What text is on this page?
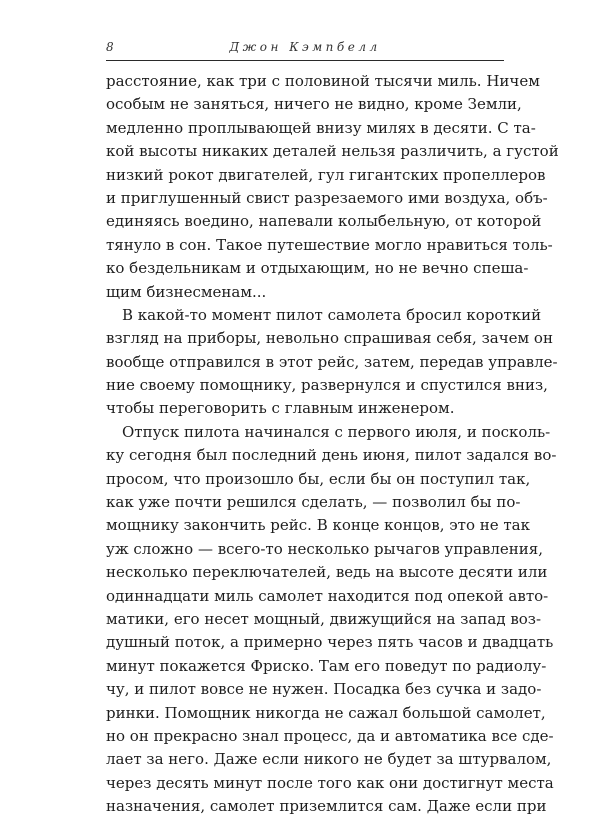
8	Джон Кэмпбелл
расстояние, как три с половиной тысячи миль. Ничем
особым не заняться, ничего не видно, кроме Земли,
медленно проплывающей внизу милях в десяти. С та-
кой высоты никаких деталей нельзя различить, а густой
низкий рокот двигателей, гул гигантских пропеллеров
и приглушенный свист разрезаемого ими воздуха, объ-
единяясь воедино, напевали колыбельную, от которой
тянуло в сон. Такое путешествие могло нравиться толь-
ко бездельникам и отдыхающим, но не вечно спеша-
щим бизнесменам...
В какой-то момент пилот самолета бросил короткий
взгляд на приборы, невольно спрашивая себя, зачем он
вообще отправился в этот рейс, затем, передав управле-
ние своему помощнику, развернулся и спустился вниз,
чтобы переговорить с главным инженером.
Отпуск пилота начинался с первого июля, и посколь-
ку сегодня был последний день июня, пилот задался во-
просом, что произошло бы, если бы он поступил так,
как уже почти решился сделать, — позволил бы по-
мощнику закончить рейс. В конце концов, это не так
уж сложно — всего-то несколько рычагов управления,
несколько переключателей, ведь на высоте десяти или
одиннадцати миль самолет находится под опекой авто-
матики, его несет мощный, движущийся на запад воз-
душный поток, а примерно через пять часов и двадцать
минут покажется Фриско. Там его поведут по радиолу-
чу, и пилот вовсе не нужен. Посадка без сучка и задо-
ринки. Помощник никогда не сажал большой самолет,
но он прекрасно знал процесс, да и автоматика все сде-
лает за него. Даже если никого не будет за штурвалом,
через десять минут после того как они достигнут места
назначения, самолет приземлится сам. Даже если при
